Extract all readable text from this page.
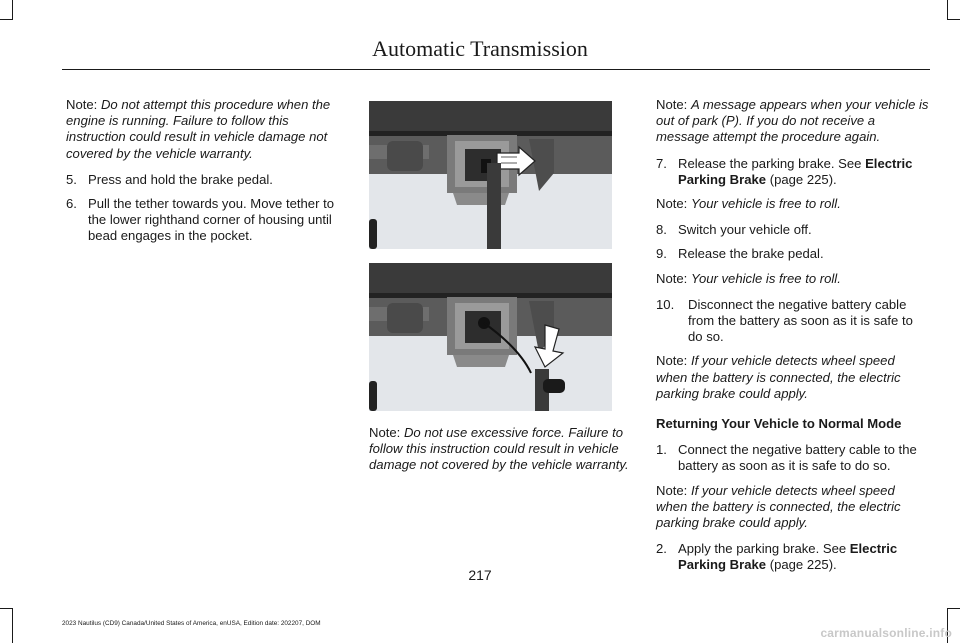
Automatic Transmission

Note: Do not attempt this procedure when the engine is running. Failure to follow this instruction could result in vehicle damage not covered by the vehicle warranty.

5. Press and hold the brake pedal.
6. Pull the tether towards you. Move tether to the lower righthand corner of housing until bead engages in the pocket.

Note: Do not use excessive force. Failure to follow this instruction could result in vehicle damage not covered by the vehicle warranty.

Note: A message appears when your vehicle is out of park (P). If you do not receive a message attempt the procedure again.

7. Release the parking brake. See Electric Parking Brake (page 225).

Note: Your vehicle is free to roll.

8. Switch your vehicle off.
9. Release the brake pedal.

Note: Your vehicle is free to roll.

10. Disconnect the negative battery cable from the battery as soon as it is safe to do so.

Note: If your vehicle detects wheel speed when the battery is connected, the electric parking brake could apply.

Returning Your Vehicle to Normal Mode

1. Connect the negative battery cable to the battery as soon as it is safe to do so.

Note: If your vehicle detects wheel speed when the battery is connected, the electric parking brake could apply.

2. Apply the parking brake. See Electric Parking Brake (page 225).
217
2023 Nautilus (CD9) Canada/United States of America, enUSA, Edition date: 202207, DOM
carmanualsonline.info
